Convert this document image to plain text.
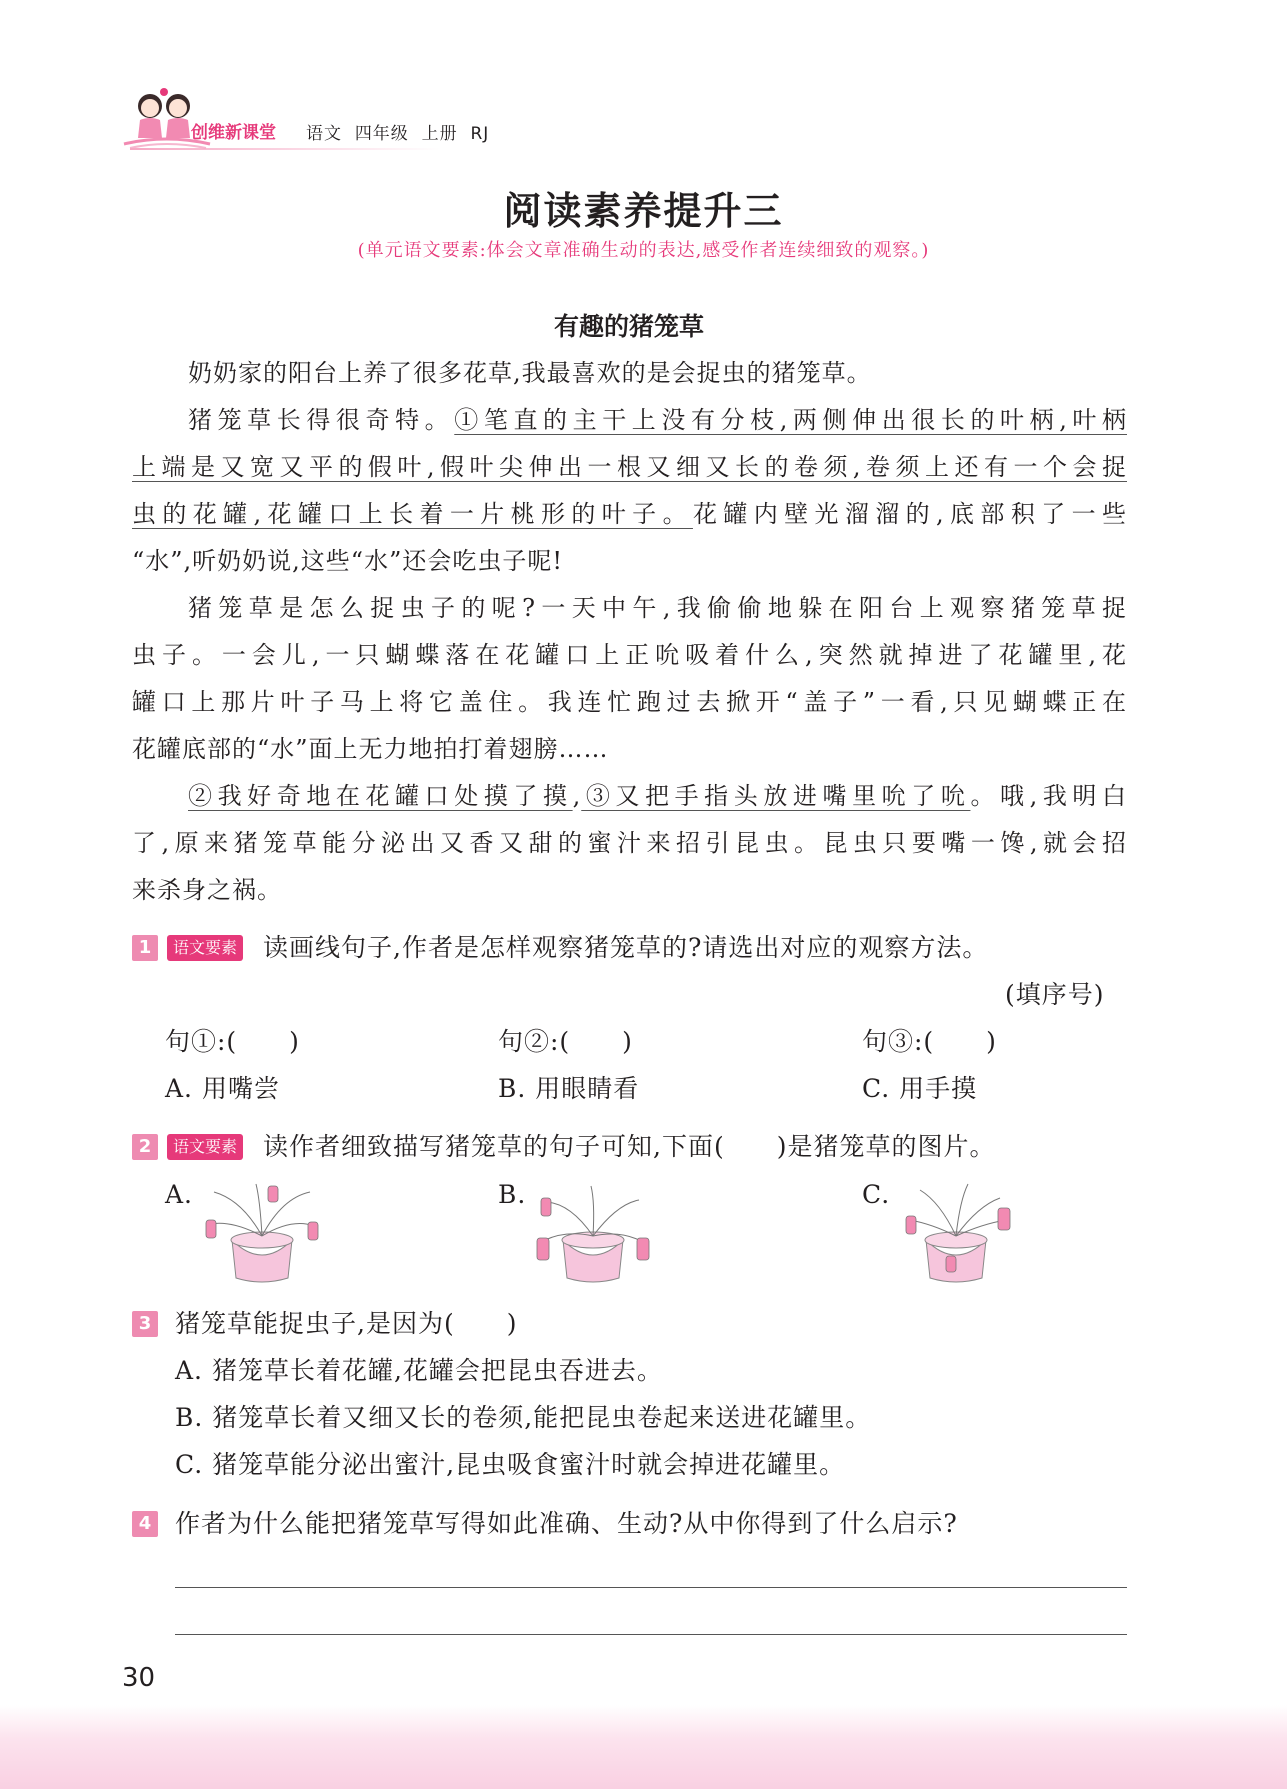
创维新课堂 语文 四年级 上册 RJ
阅读素养提升三
(单元语文要素:体会文章准确生动的表达,感受作者连续细致的观察。)
有趣的猪笼草
奶奶家的阳台上养了很多花草,我最喜欢的是会捉虫的猪笼草。
猪笼草长得很奇特。①笔直的主干上没有分枝,两侧伸出很长的叶柄,叶柄
上端是又宽又平的假叶,假叶尖伸出一根又细又长的卷须,卷须上还有一个会捉
虫的花罐,花罐口上长着一片桃形的叶子。花罐内壁光溜溜的,底部积了一些
“水”,听奶奶说,这些“水”还会吃虫子呢!
猪笼草是怎么捉虫子的呢?一天中午,我偷偷地躲在阳台上观察猪笼草捉
虫子。一会儿,一只蝴蝶落在花罐口上正吮吸着什么,突然就掉进了花罐里,花
罐口上那片叶子马上将它盖住。我连忙跑过去掀开“盖子”一看,只见蝴蝶正在
花罐底部的“水”面上无力地拍打着翅膀……
②我好奇地在花罐口处摸了摸,③又把手指头放进嘴里吮了吮。哦,我明白
了,原来猪笼草能分泌出又香又甜的蜜汁来招引昆虫。昆虫只要嘴一馋,就会招
来杀身之祸。
1	语文要素 读画线句子,作者是怎样观察猪笼草的?请选出对应的观察方法。
(填序号)
句①:(　　)	句②:(　　)	句③:(　　)
A. 用嘴尝	B. 用眼睛看	C. 用手摸
2	语文要素 读作者细致描写猪笼草的句子可知,下面(　　)是猪笼草的图片。
A.	B.	C.
3 猪笼草能捉虫子,是因为(　　)
A. 猪笼草长着花罐,花罐会把昆虫吞进去。
B. 猪笼草长着又细又长的卷须,能把昆虫卷起来送进花罐里。
C. 猪笼草能分泌出蜜汁,昆虫吸食蜜汁时就会掉进花罐里。
4 作者为什么能把猪笼草写得如此准确、生动?从中你得到了什么启示?
30
